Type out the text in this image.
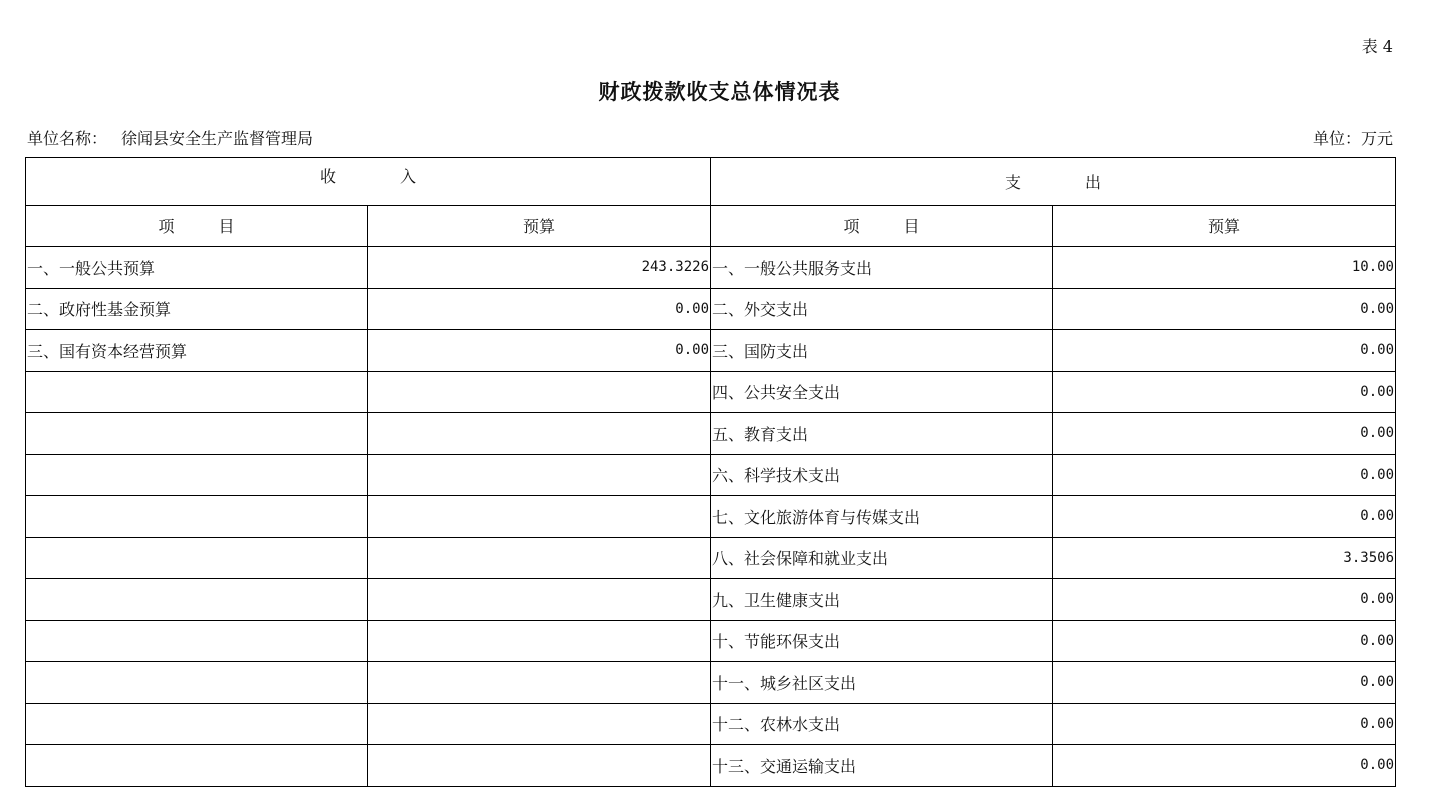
表 4
财政拨款收支总体情况表
单位名称： 徐闻县安全生产监督管理局	单位：万元
收 入		支 出	
项 目	预算	项 目	预算
一、一般公共预算	243.3226	一、一般公共服务支出	10.00
二、政府性基金预算	0.00	二、外交支出	0.00
三、国有资本经营预算	0.00	三、国防支出	0.00
		四、公共安全支出	0.00
		五、教育支出	0.00
		六、科学技术支出	0.00
		七、文化旅游体育与传媒支出	0.00
		八、社会保障和就业支出	3.3506
		九、卫生健康支出	0.00
		十、节能环保支出	0.00
		十一、城乡社区支出	0.00
		十二、农林水支出	0.00
		十三、交通运输支出	0.00
